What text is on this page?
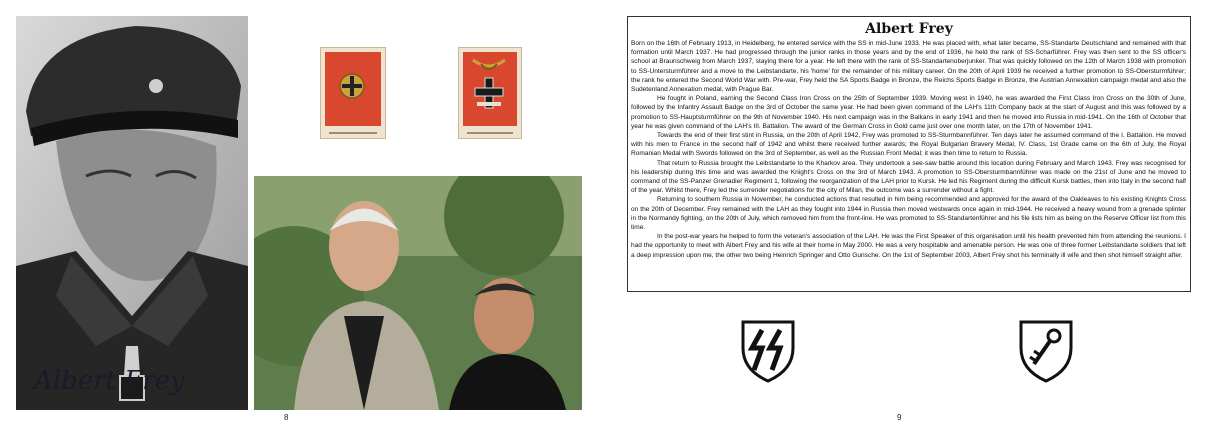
Albert Frey
8
Albert Frey

Born on the 16th of February 1913, in Heidelberg, he entered service with the SS in mid-June 1933. He was placed with, what later became, SS-Standarte Deutschland and remained with that formation until March 1937. He had progressed through the junior ranks in those years and by the end of 1936, he held the rank of SS-Scharführer. Frey was then sent to the SS officer's school at Braunschweig from March 1937, staying there for a year. He left there with the rank of SS-Standartenoberjunker. That was quickly followed on the 12th of March 1938 with promotion to SS-Untersturmführer and a move to the Leibstandarte, his 'home' for the remainder of his military career. On the 20th of April 1939 he received a further promotion to SS-Obersturmführer; the rank he entered the Second World War with. Pre-war, Frey held the SA Sports Badge in Bronze, the Reichs Sports Badge in Bronze, the Austrian Annexation campaign medal and also the Sudetenland Annexation medal, with Prague Bar.

He fought in Poland, earning the Second Class Iron Cross on the 25th of September 1939. Moving west in 1940, he was awarded the First Class Iron Cross on the 30th of June, followed by the Infantry Assault Badge on the 3rd of October the same year. He had been given command of the LAH's 11th Company back at the start of August and this was followed by a promotion to SS-Hauptsturmführer on the 9th of November 1940. His next campaign was in the Balkans in early 1941 and then he moved into Russia in mid-1941. On the 16th of October that year he was given command of the LAH's III. Battalion. The award of the German Cross in Gold came just over one month later, on the 17th of November 1941.

Towards the end of their first stint in Russia, on the 20th of April 1942, Frey was promoted to SS-Sturmbannführer. Ten days later he assumed command of the I. Battalion. He moved with his men to France in the second half of 1942 and whilst there received further awards; the Royal Bulgarian Bravery Medal, IV. Class, 1st Grade came on the 6th of July, the Royal Romanian Medal with Swords followed on the 3rd of September, as well as the Russian Front Medal; it was then time to return to Russia.

That return to Russia brought the Leibstandarte to the Kharkov area. They undertook a see-saw battle around this location during February and March 1943. Frey was recognised for his leadership during this time and was awarded the Knight's Cross on the 3rd of March 1943. A promotion to SS-Obersturmbannführer was made on the 21st of June and he moved to command of the SS-Panzer Grenadier Regiment 1, following the reorganization of the LAH prior to Kursk. He led his Regiment during the difficult Kursk battles, then into Italy in the second half of the year. Whilst there, Frey led the surrender negotiations for the city of Milan, the outcome was a surrender without a fight.

Returning to southern Russia in November, he conducted actions that resulted in him being recommended and approved for the award of the Oakleaves to his existing Knights Cross on the 20th of December. Frey remained with the LAH as they fought into 1944 in Russia then moved westwards once again in mid-1944. He received a heavy wound from a grenade splinter in the Normandy fighting, on the 20th of July, which removed him from the front-line. He was promoted to SS-Standartenführer and his file lists him as being on the Reserve Officer list from this time.

In the post-war years he helped to form the veteran's association of the LAH. He was the First Speaker of this organisation until his health prevented him from attending the reunions. I had the opportunity to meet with Albert Frey and his wife at their home in May 2000. He was a very hospitable and amenable person. He was one of three former Leibstandarte soldiers that left a deep impression upon me, the other two being Heinrich Springer and Otto Gunsche. On the 1st of September 2003, Albert Frey shot his terminally ill wife and then shot himself straight after.

9
